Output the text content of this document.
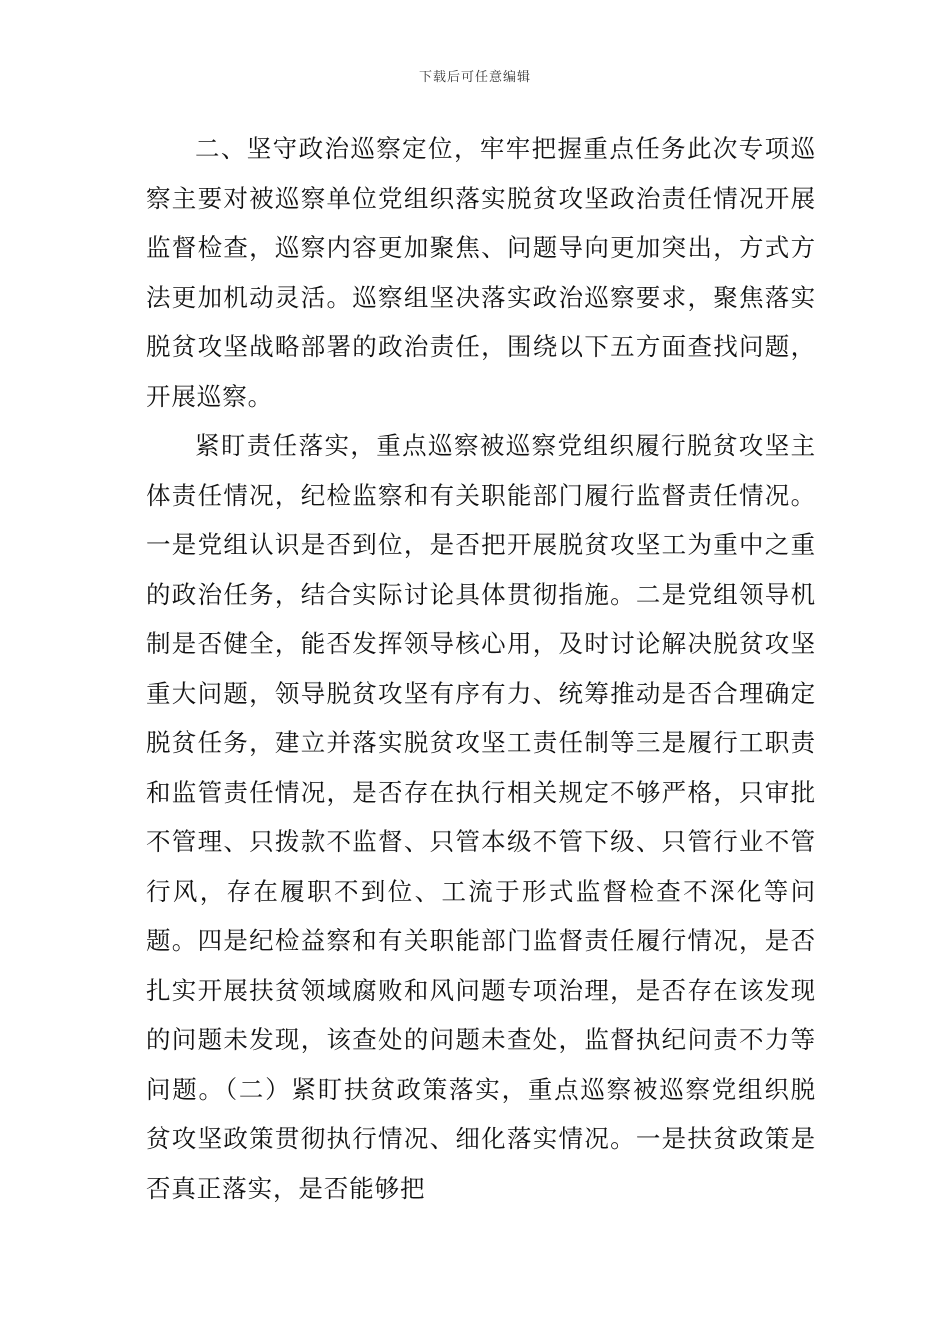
下载后可任意编辑

二、坚守政治巡察定位，牢牢把握重点任务此次专项巡察主要对被巡察单位党组织落实脱贫攻坚政治责任情况开展监督检查，巡察内容更加聚焦、问题导向更加突出，方式方法更加机动灵活。巡察组坚决落实政治巡察要求，聚焦落实脱贫攻坚战略部署的政治责任，围绕以下五方面查找问题，开展巡察。

紧盯责任落实，重点巡察被巡察党组织履行脱贫攻坚主体责任情况，纪检监察和有关职能部门履行监督责任情况。一是党组认识是否到位，是否把开展脱贫攻坚工为重中之重的政治任务，结合实际讨论具体贯彻指施。二是党组领导机制是否健全，能否发挥领导核心用，及时讨论解决脱贫攻坚重大问题，领导脱贫攻坚有序有力、统筹推动是否合理确定脱贫任务，建立并落实脱贫攻坚工责任制等三是履行工职责和监管责任情况，是否存在执行相关规定不够严格，只审批不管理、只拨款不监督、只管本级不管下级、只管行业不管行风，存在履职不到位、工流于形式监督检查不深化等问题。四是纪检益察和有关职能部门监督责任履行情况，是否扎实开展扶贫领域腐败和风问题专项治理，是否存在该发现的问题未发现，该查处的问题未查处，监督执纪问责不力等问题。（二）紧盯扶贫政策落实，重点巡察被巡察党组织脱贫攻坚政策贯彻执行情况、细化落实情况。一是扶贫政策是否真正落实，是否能够把
